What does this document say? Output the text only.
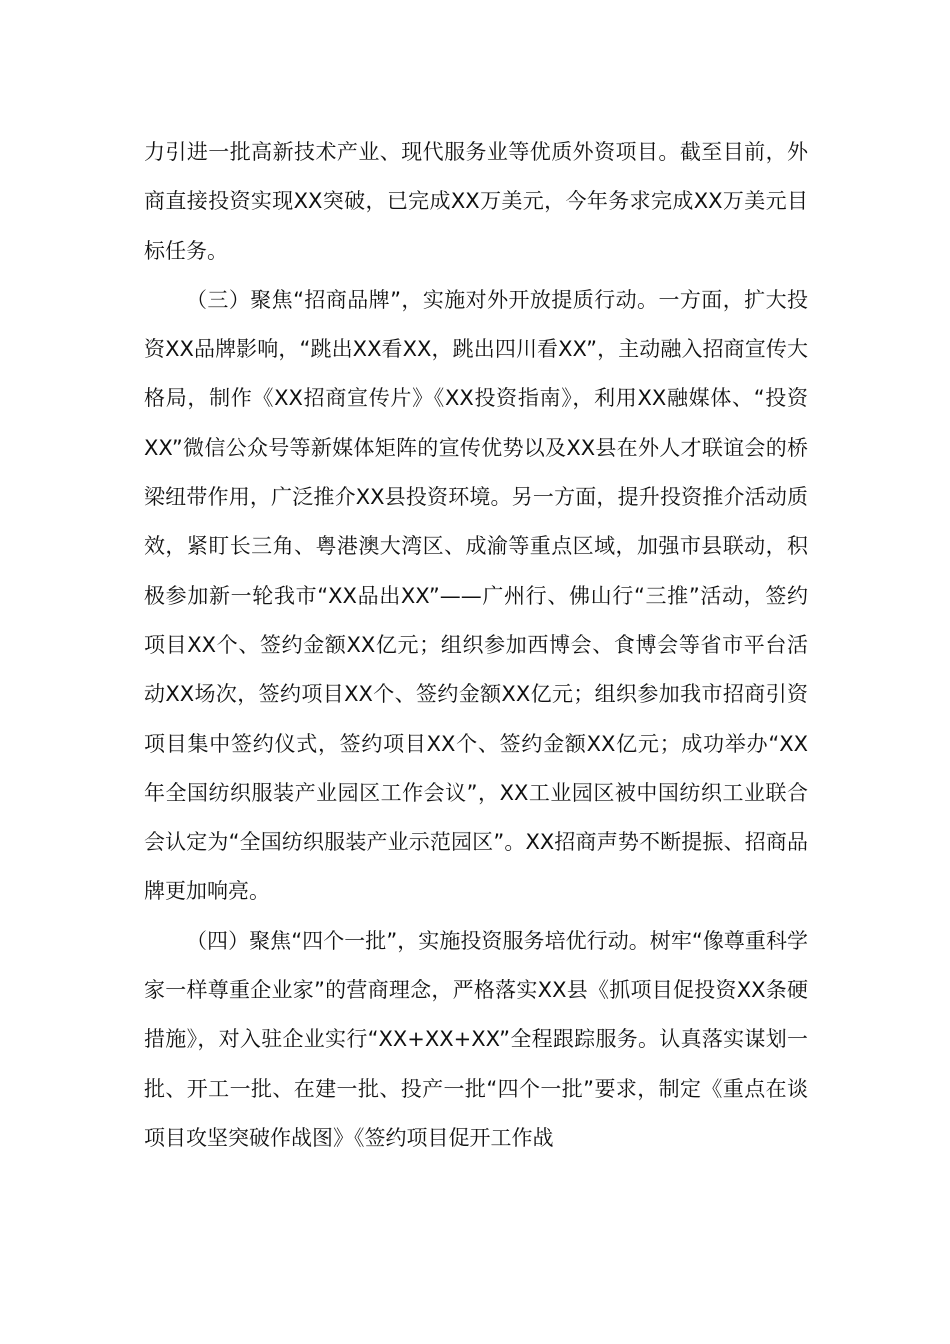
力引进一批高新技术产业、现代服务业等优质外资项目。截至目前，外商直接投资实现XX突破，已完成XX万美元，今年务求完成XX万美元目标任务。

（三）聚焦“招商品牌”，实施对外开放提质行动。一方面，扩大投资XX品牌影响，“跳出XX看XX，跳出四川看XX”，主动融入招商宣传大格局，制作《XX招商宣传片》《XX投资指南》，利用XX融媒体、“投资XX”微信公众号等新媒体矩阵的宣传优势以及XX县在外人才联谊会的桥梁纽带作用，广泛推介XX县投资环境。另一方面，提升投资推介活动质效，紧盯长三角、粤港澳大湾区、成渝等重点区域，加强市县联动，积极参加新一轮我市“XX品出XX”——广州行、佛山行“三推”活动，签约项目XX个、签约金额XX亿元；组织参加西博会、食博会等省市平台活动XX场次，签约项目XX个、签约金额XX亿元；组织参加我市招商引资项目集中签约仪式，签约项目XX个、签约金额XX亿元；成功举办“XX年全国纺织服装产业园区工作会议”，XX工业园区被中国纺织工业联合会认定为“全国纺织服装产业示范园区”。XX招商声势不断提振、招商品牌更加响亮。

（四）聚焦“四个一批”，实施投资服务培优行动。树牢“像尊重科学家一样尊重企业家”的营商理念，严格落实XX县《抓项目促投资XX条硬措施》，对入驻企业实行“XX+XX+XX”全程跟踪服务。认真落实谋划一批、开工一批、在建一批、投产一批“四个一批”要求，制定《重点在谈项目攻坚突破作战图》《签约项目促开工作战
